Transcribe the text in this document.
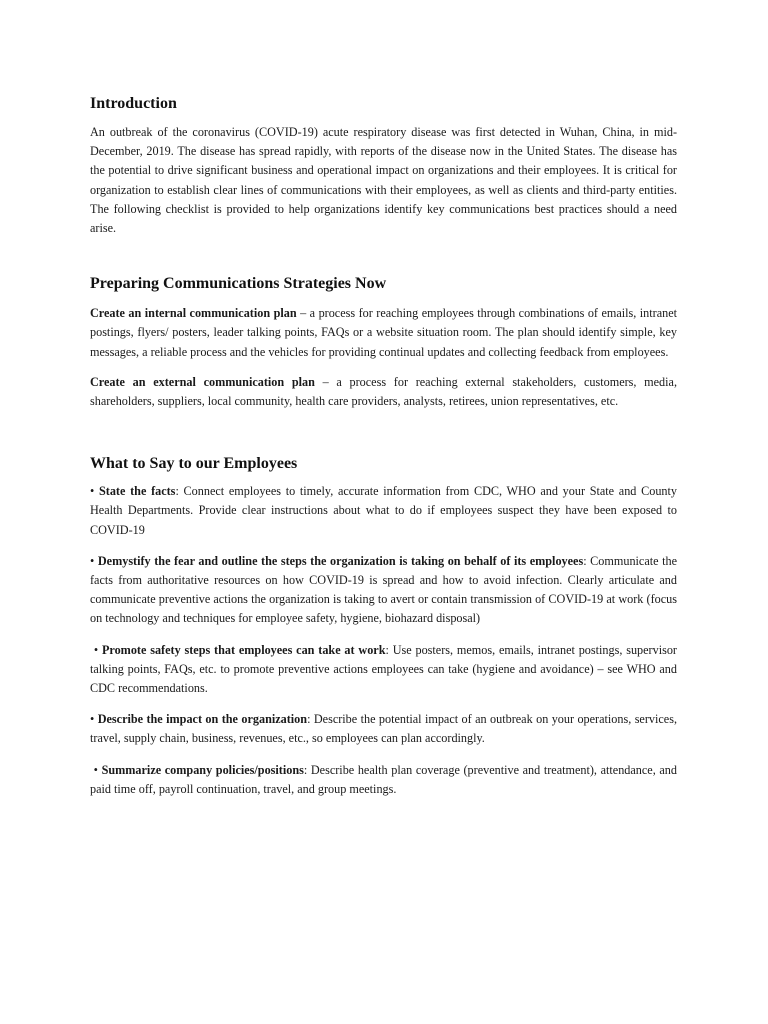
Introduction

An outbreak of the coronavirus (COVID-19) acute respiratory disease was first detected in Wuhan, China, in mid-December, 2019. The disease has spread rapidly, with reports of the disease now in the United States. The disease has the potential to drive significant business and operational impact on organizations and their employees. It is critical for organization to establish clear lines of communications with their employees, as well as clients and third-party entities. The following checklist is provided to help organizations identify key communications best practices should a need arise.

Preparing Communications Strategies Now

Create an internal communication plan – a process for reaching employees through combinations of emails, intranet postings, flyers/ posters, leader talking points, FAQs or a website situation room. The plan should identify simple, key messages, a reliable process and the vehicles for providing continual updates and collecting feedback from employees.

Create an external communication plan – a process for reaching external stakeholders, customers, media, shareholders, suppliers, local community, health care providers, analysts, retirees, union representatives, etc.

What to Say to our Employees

• State the facts: Connect employees to timely, accurate information from CDC, WHO and your State and County Health Departments. Provide clear instructions about what to do if employees suspect they have been exposed to COVID-19

• Demystify the fear and outline the steps the organization is taking on behalf of its employees: Communicate the facts from authoritative resources on how COVID-19 is spread and how to avoid infection. Clearly articulate and communicate preventive actions the organization is taking to avert or contain transmission of COVID-19 at work (focus on technology and techniques for employee safety, hygiene, biohazard disposal)

• Promote safety steps that employees can take at work: Use posters, memos, emails, intranet postings, supervisor talking points, FAQs, etc. to promote preventive actions employees can take (hygiene and avoidance) – see WHO and CDC recommendations.

• Describe the impact on the organization: Describe the potential impact of an outbreak on your operations, services, travel, supply chain, business, revenues, etc., so employees can plan accordingly.

• Summarize company policies/positions: Describe health plan coverage (preventive and treatment), attendance, and paid time off, payroll continuation, travel, and group meetings.
